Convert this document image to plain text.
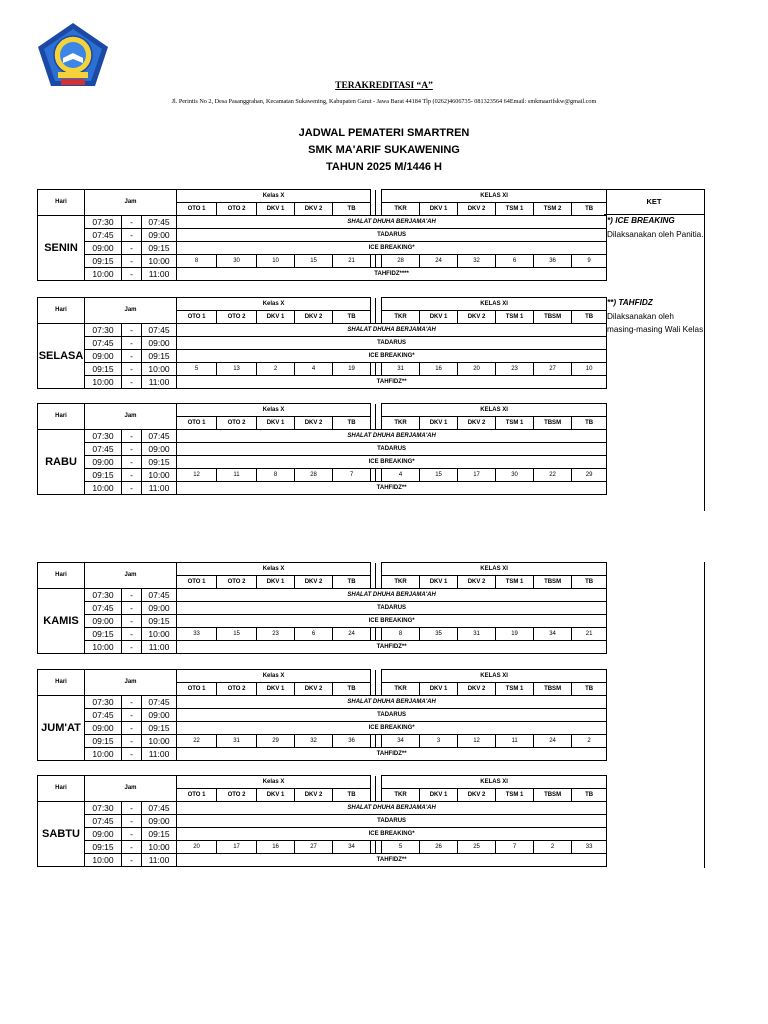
TERAKREDITASI “A”
Jl. Perintis No 2, Desa Pasanggrahan, Kecamatan Sukawening, Kabupaten Garut - Jawa Barat 44184 Tlp (0262)4606735- 081323564 64Email: smkmaarifskw@gmail.com
JADWAL PEMATERI SMARTREN
SMK MA'ARIF SUKAWENING
TAHUN 2025 M/1446 H
KET
*) ICE BREAKING
Dilaksanakan oleh Panitia.
**) TAHFIDZ
Dilaksanakan oleh masing-masing Wali Kelas
Hari	Jam			Kelas X							KELAS XI					
				OTO 1	OTO 2	DKV 1	DKV 2	TB			TKR	DKV 1	DKV 2	TSM 1	TSM 2	TB
SENIN	07:30	-	07:45	SHALAT DHUHA BERJAMA'AH												
	07:45	-	09:00	TADARUS												
	09:00	-	09:15	ICE BREAKING*												
	09:15	-	10:00	8	30	10	15	21			28	24	32	6	36	9
	10:00	-	11:00	TAHFIDZ****												
Hari	Jam			Kelas X							KELAS XI					
				OTO 1	OTO 2	DKV 1	DKV 2	TB			TKR	DKV 1	DKV 2	TSM 1	TBSM	TB
SELASA	07:30	-	07:45	SHALAT DHUHA BERJAMA'AH												
	07:45	-	09:00	TADARUS												
	09:00	-	09:15	ICE BREAKING*												
	09:15	-	10:00	5	13	2	4	19			31	16	20	23	27	10
	10:00	-	11:00	TAHFIDZ**												
Hari	Jam			Kelas X							KELAS XI					
				OTO 1	OTO 2	DKV 1	DKV 2	TB			TKR	DKV 1	DKV 2	TSM 1	TBSM	TB
RABU	07:30	-	07:45	SHALAT DHUHA BERJAMA'AH												
	07:45	-	09:00	TADARUS												
	09:00	-	09:15	ICE BREAKING*												
	09:15	-	10:00	12	11	8	28	7			4	15	17	30	22	29
	10:00	-	11:00	TAHFIDZ**												
Hari	Jam			Kelas X							KELAS XI					
				OTO 1	OTO 2	DKV 1	DKV 2	TB			TKR	DKV 1	DKV 2	TSM 1	TBSM	TB
KAMIS	07:30	-	07:45	SHALAT DHUHA BERJAMA'AH												
	07:45	-	09:00	TADARUS												
	09:00	-	09:15	ICE BREAKING*												
	09:15	-	10:00	33	15	23	6	24			8	35	31	19	34	21
	10:00	-	11:00	TAHFIDZ**												
Hari	Jam			Kelas X							KELAS XI					
				OTO 1	OTO 2	DKV 1	DKV 2	TB			TKR	DKV 1	DKV 2	TSM 1	TBSM	TB
JUM'AT	07:30	-	07:45	SHALAT DHUHA BERJAMA'AH												
	07:45	-	09:00	TADARUS												
	09:00	-	09:15	ICE BREAKING*												
	09:15	-	10:00	22	31	29	32	36			34	3	12	11	24	2
	10:00	-	11:00	TAHFIDZ**												
Hari	Jam			Kelas X							KELAS XI					
				OTO 1	OTO 2	DKV 1	DKV 2	TB			TKR	DKV 1	DKV 2	TSM 1	TBSM	TB
SABTU	07:30	-	07:45	SHALAT DHUHA BERJAMA'AH												
	07:45	-	09:00	TADARUS												
	09:00	-	09:15	ICE BREAKING*												
	09:15	-	10:00	20	17	16	27	34			5	26	25	7	2	33
	10:00	-	11:00	TAHFIDZ**												
